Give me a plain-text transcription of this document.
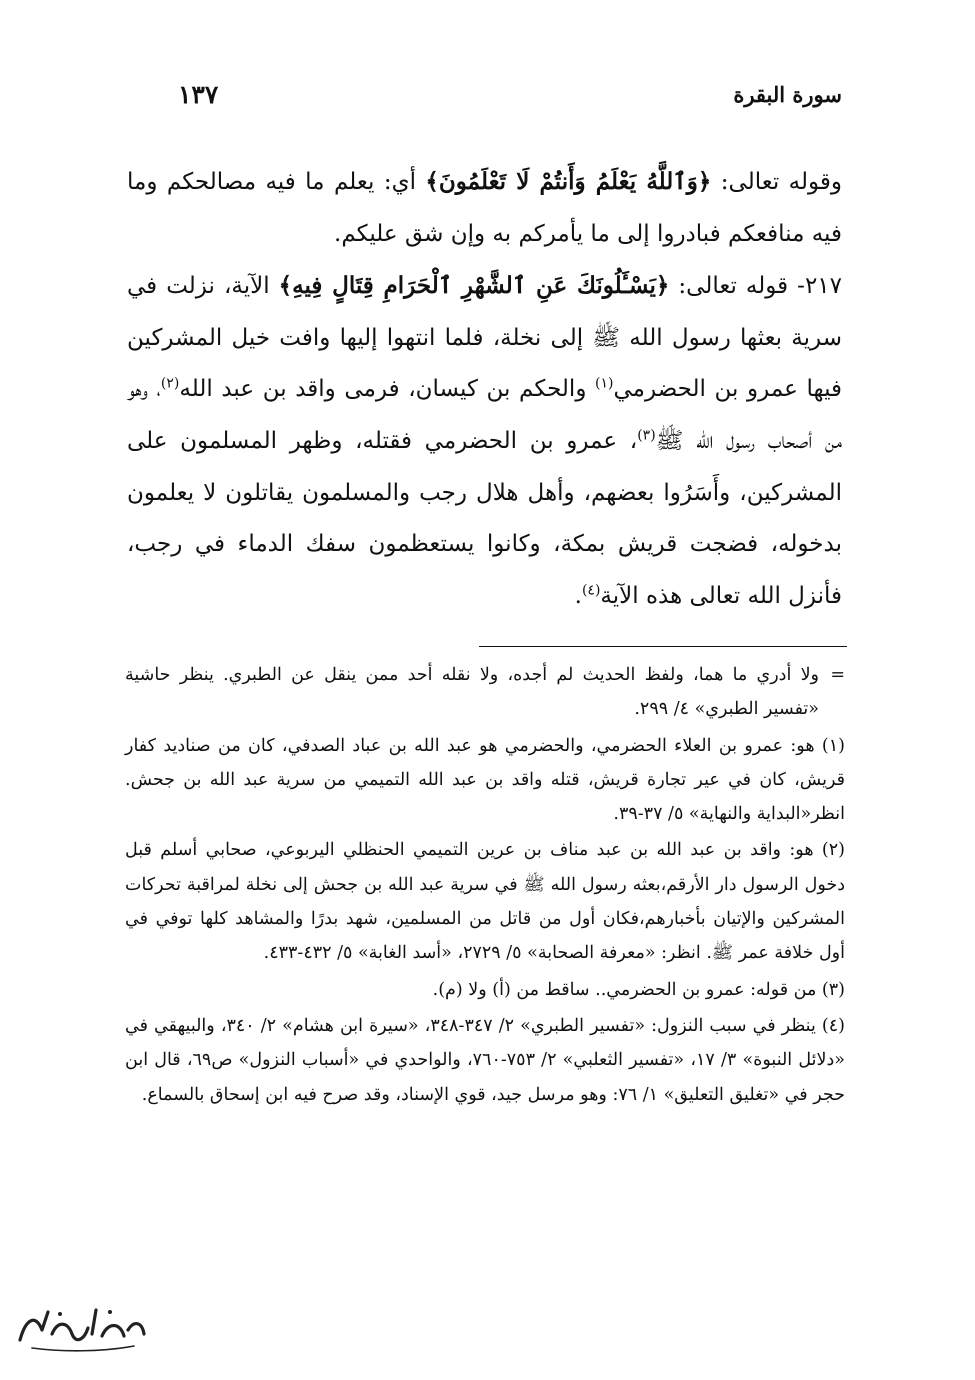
سورة البقرة
١٣٧

وقوله تعالى: ﴿وَٱللَّهُ يَعْلَمُ وَأَنتُمْ لَا تَعْلَمُونَ﴾ أي: يعلم ما فيه مصالحكم وما فيه منافعكم فبادروا إلى ما يأمركم به وإن شق عليكم.

٢١٧- قوله تعالى: ﴿يَسْـَٔلُونَكَ عَنِ ٱلشَّهْرِ ٱلْحَرَامِ قِتَالٍ فِيهِ﴾ الآية، نزلت في سرية بعثها رسول الله ﷺ إلى نخلة، فلما انتهوا إليها وافت خيل المشركين فيها عمرو بن الحضرمي$^{(١)}$ والحكم بن كيسان، فرمى واقد بن عبد الله$^{(٢)}$، وهو من أصحاب رسول الله ﷺ$^{(٣)}$، عمرو بن الحضرمي فقتله، وظهر المسلمون على المشركين، وأَسَرُوا بعضهم، وأهل هلال رجب والمسلمون يقاتلون لا يعلمون بدخوله، فضجت قريش بمكة، وكانوا يستعظمون سفك الدماء في رجب، فأنزل الله تعالى هذه الآية$^{(٤)}$.

=
ولا أدري ما هما، ولفظ الحديث لم أجده، ولا نقله أحد ممن ينقل عن الطبري. ينظر حاشية «تفسير الطبري» ٤/ ٢٩٩.

(١) هو: عمرو بن العلاء الحضرمي، والحضرمي هو عبد الله بن عباد الصدفي، كان من صناديد كفار قريش، كان في عير تجارة قريش، قتله واقد بن عبد الله التميمي من سرية عبد الله بن جحش. انظر«البداية والنهاية» ٥/ ٣٧-٣٩.

(٢) هو: واقد بن عبد الله بن عبد مناف بن عرين التميمي الحنظلي اليربوعي، صحابي أسلم قبل دخول الرسول دار الأرقم،بعثه رسول الله ﷺ في سرية عبد الله بن جحش إلى نخلة لمراقبة تحركات المشركين والإتيان بأخبارهم،فكان أول من قاتل من المسلمين، شهد بدرًا والمشاهد كلها توفي في أول خلافة عمر ﷺ. انظر: «معرفة الصحابة» ٥/ ٢٧٢٩، «أسد الغابة» ٥/ ٤٣٢-٤٣٣.

(٣) من قوله: عمرو بن الحضرمي.. ساقط من (أ) ولا (م).

(٤) ينظر في سبب النزول: «تفسير الطبري» ٢/ ٣٤٧-٣٤٨، «سيرة ابن هشام» ٢/ ٣٤٠، والبيهقي في «دلائل النبوة» ٣/ ١٧، «تفسير الثعلبي» ٢/ ٧٥٣-٧٦٠، والواحدي في «أسباب النزول» ص٦٩، قال ابن حجر في «تغليق التعليق» ١/ ٧٦: وهو مرسل جيد، قوي الإسناد، وقد صرح فيه ابن إسحاق بالسماع.
